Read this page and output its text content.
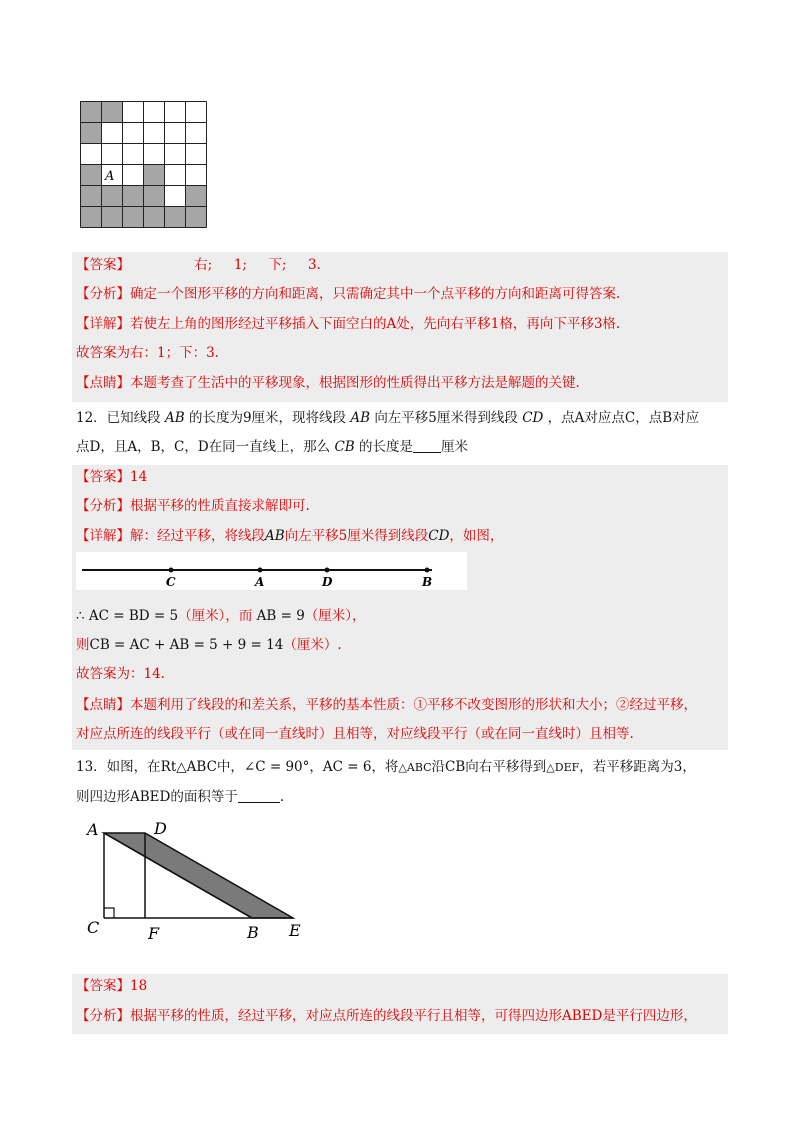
A
【答案】	右; 1; 下; 3.
【分析】确定一个图形平移的方向和距离，只需确定其中一个点平移的方向和距离可得答案.
【详解】若使左上角的图形经过平移插入下面空白的A处，先向右平移1格，再向下平移3格.
故答案为右：1；下：3.
【点睛】本题考查了生活中的平移现象，根据图形的性质得出平移方法是解题的关键.
12．已知线段 AB 的长度为9厘米，现将线段 AB 向左平移5厘米得到线段 CD ，点A对应点C，点B对应
点D，且A，B，C，D在同一直线上，那么 CB 的长度是 厘米
【答案】14
【分析】根据平移的性质直接求解即可.
【详解】解：经过平移，将线段AB向左平移5厘米得到线段CD，如图，
C	A	D	B
∴ AC = BD = 5（厘米），而 AB = 9（厘米），
则CB = AC + AB = 5 + 9 = 14（厘米）.
故答案为：14.
【点睛】本题利用了线段的和差关系，平移的基本性质：①平移不改变图形的形状和大小；②经过平移，
对应点所连的线段平行（或在同一直线时）且相等，对应线段平行（或在同一直线时）且相等.
13．如图，在Rt△ABC中，∠C = 90°，AC = 6，将△ABC沿CB向右平移得到△DEF，若平移距离为3，
则四边形ABED的面积等于	.
A	D
C	F	B E
【答案】18
【分析】根据平移的性质，经过平移，对应点所连的线段平行且相等，可得四边形ABED是平行四边形，
